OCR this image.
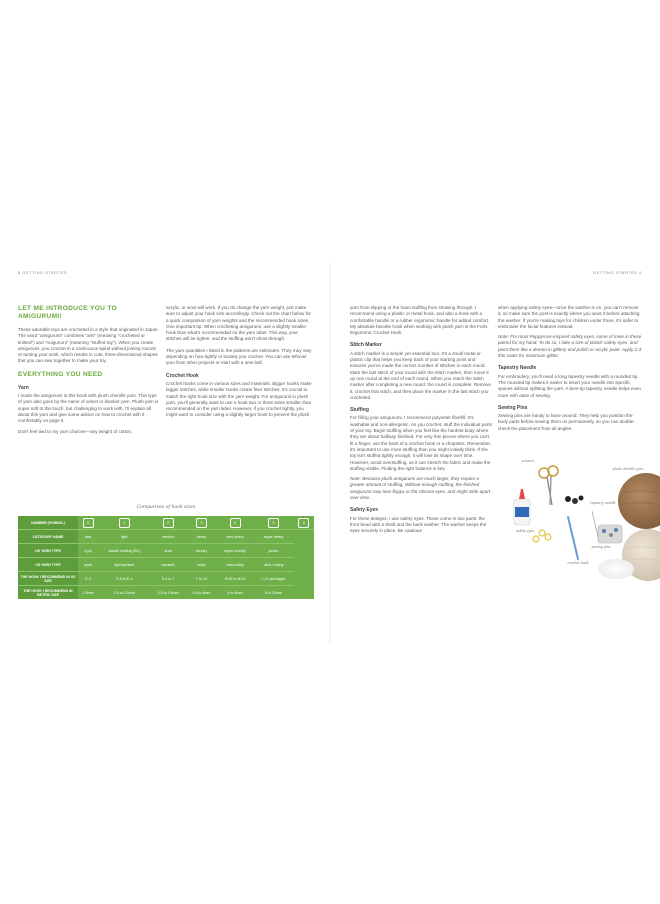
8 GETTING STARTED
LET ME INTRODUCE YOU TO AMIGURUMI!

These adorable toys are crocheted in a style that originated in Japan. The word "amigurumi" combines "ami" (meaning "crocheted or knitted") and "nuigurumi" (meaning "stuffed toy"). When you create amigurumi, you crochet in a continuous spiral without joining rounds or turning your work, which results in cute, three-dimensional shapes that you can sew together to make your toy.

EVERYTHING YOU NEED
Yarn

I made the amigurumi in this book with plush chenille yarn. This type of yarn also goes by the name of velvet or blanket yarn. Plush yarn is super soft to the touch, but challenging to work with. I'll explain all about this yarn and give some advice on how to crochet with it comfortably on page 5.

Don't feel tied to my yarn choices—any weight of cotton,

acrylic, or wool will work. If you do change the yarn weight, just make sure to adjust your hook size accordingly. Check out the chart below for a quick comparison of yarn weights and the recommended hook sizes. One important tip: When crocheting amigurumi, use a slightly smaller hook than what's recommended on the yarn label. This way, your stitches will be tighter, and the stuffing won't show through.

The yarn quantities I listed in the patterns are estimates. They may vary depending on how tightly or loosely you crochet. You can use leftover yarn from other projects or start with a new ball.

Crochet Hook

Crochet hooks come in various sizes and materials. Bigger hooks make bigger stitches, while smaller hooks create finer stitches. It's crucial to match the right hook size with the yarn weight. For amigurumi in plush yarn, you'll generally want to use a hook two or three sizes smaller than recommended on the yarn label. However, if you crochet tightly, you might want to consider using a slightly larger hook to prevent the plush

Comparison of hook sizes
NUMBER (SYMBOL)	0	1	2	3	4	5	6
CATEGORY NAME	lace	light	medium	heavy	very heavy	super heavy	
UK YARN TYPE	4 ply	double knitting (DK)	aran	chunky	super chunky	jumbo	
US YARN TYPE	sport	light worsted	worsted	bulky	extra bulky	ultra / roving	
THE HOOK I RECOMMEND IN US SIZE	E-4	G-6 to E-4	E-4 to 7	7 to I-9	K/10 to M/13	L-11 and larger	
THE HOOK I RECOMMEND IN METRIC SIZE	2.5mm	2.5 to 3.5mm	3.5 to 4.5mm	4.5 to 6mm	6 to 8mm	8 to 10mm	
GETTING STARTED 9

yarn from slipping or the foam stuffing from showing through. I recommend using a plastic or metal hook, and also a hook with a comfortable handle or a rubber ergonomic handle for added comfort. My absolute favorite hook when working with plush yarn is the Furls Ergonomic Crochet Hook.

Stitch Marker

A stitch marker is a simple yet essential tool. It's a small metal or plastic clip that helps you keep track of your starting point and ensures you've made the correct number of stitches in each round. Mark the last stitch of your round with the stitch marker, then move it up one round at the end of each round. When you reach the stitch marker after completing a new round, the round is complete. Remove it, crochet that stitch, and then place the marker in the last stitch you crocheted.

Stuffing

For filling your amigurumi, I recommend polyester fiberfill. It's washable and non-allergenic. As you crochet, stuff the individual parts of your toy. Begin stuffing when you feel like the hardest body where they are about halfway finished. For very thin pieces where you can't fit a finger, use the back of a crochet hook or a chopstick. Remember, it's important to use more stuffing than you might initially think. If the toy isn't stuffed tightly enough, it will lose its shape over time. However, avoid overstuffing, as it can stretch the fabric and make the stuffing visible. Finding the right balance is key.

Note: Because plush amigurumi are much larger, they require a greater amount of stuffing. Without enough stuffing, the finished amigurumi may lose floppy or flat silicone eyes, and might slide apart over time.

Safety Eyes

For these designs, I use safety eyes. These come in two parts: the front bead with a shaft and the back washer. The washer keeps the eyes securely in place. Be cautious

when applying safety eyes—once the washer is on, you can't remove it, so make sure the post is exactly where you want it before attaching the washer. If you're making toys for children under three, it's safer to embroider the facial features instead.

Note: For most Poppyrose-inspired safety eyes, some of mine in these paired for my hand. To do so, I take a size of plastic safety eyes, and paint them like a demon in glittery and polish or acrylic paint. Apply 2-3 thin coats for maximum glitter.

Tapestry Needle

For embroidery, you'll need a long tapestry needle with a rounded tip. The rounded tip makes it easier to insert your needle into specific spaces without splitting the yarn. A bent-tip tapestry needle helps even more with ease of sewing.

Sewing Pins

Sewing pins are handy to have around. They help you position the body parts before sewing them on permanently, so you can double-check the placement from all angles.

scissors
safety eyes
crochet hook
tapestry needle
sewing pins
plush chenille yarn
